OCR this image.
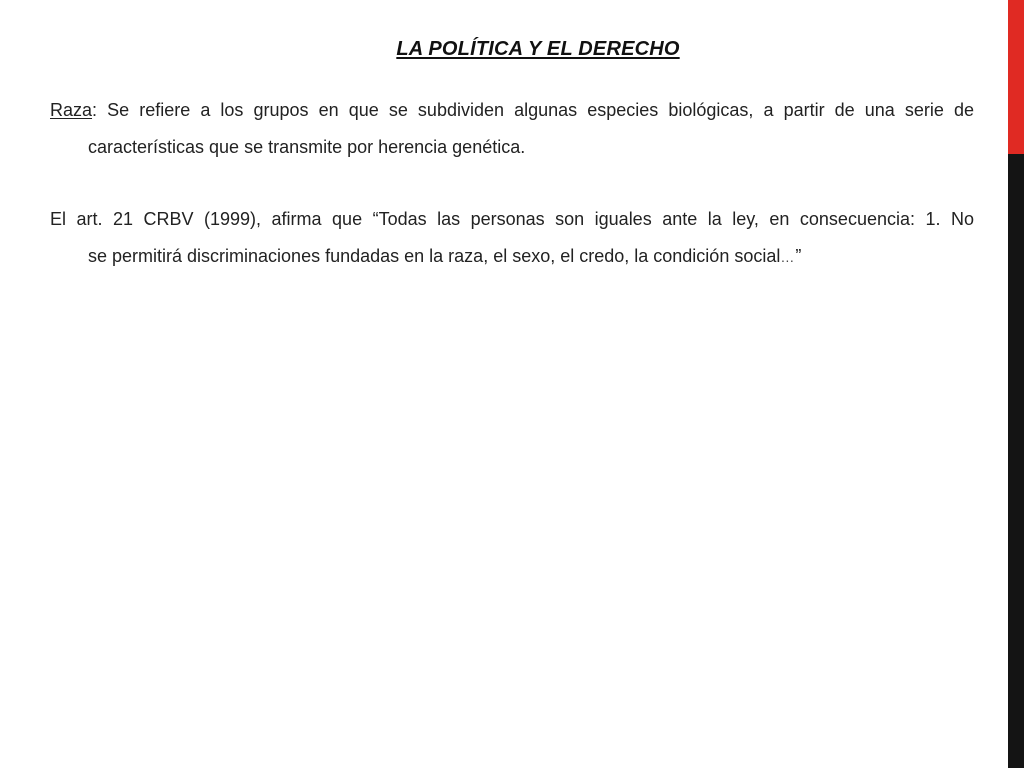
LA POLÍTICA Y EL DERECHO
Raza: Se refiere a los grupos en que se subdividen algunas especies biológicas, a partir de una serie de
características que se transmite por herencia genética.
El art. 21 CRBV (1999), afirma que “Todas las personas son iguales ante la ley, en consecuencia: 1. No
se permitirá discriminaciones fundadas en la raza, el sexo, el credo, la condición social…”
